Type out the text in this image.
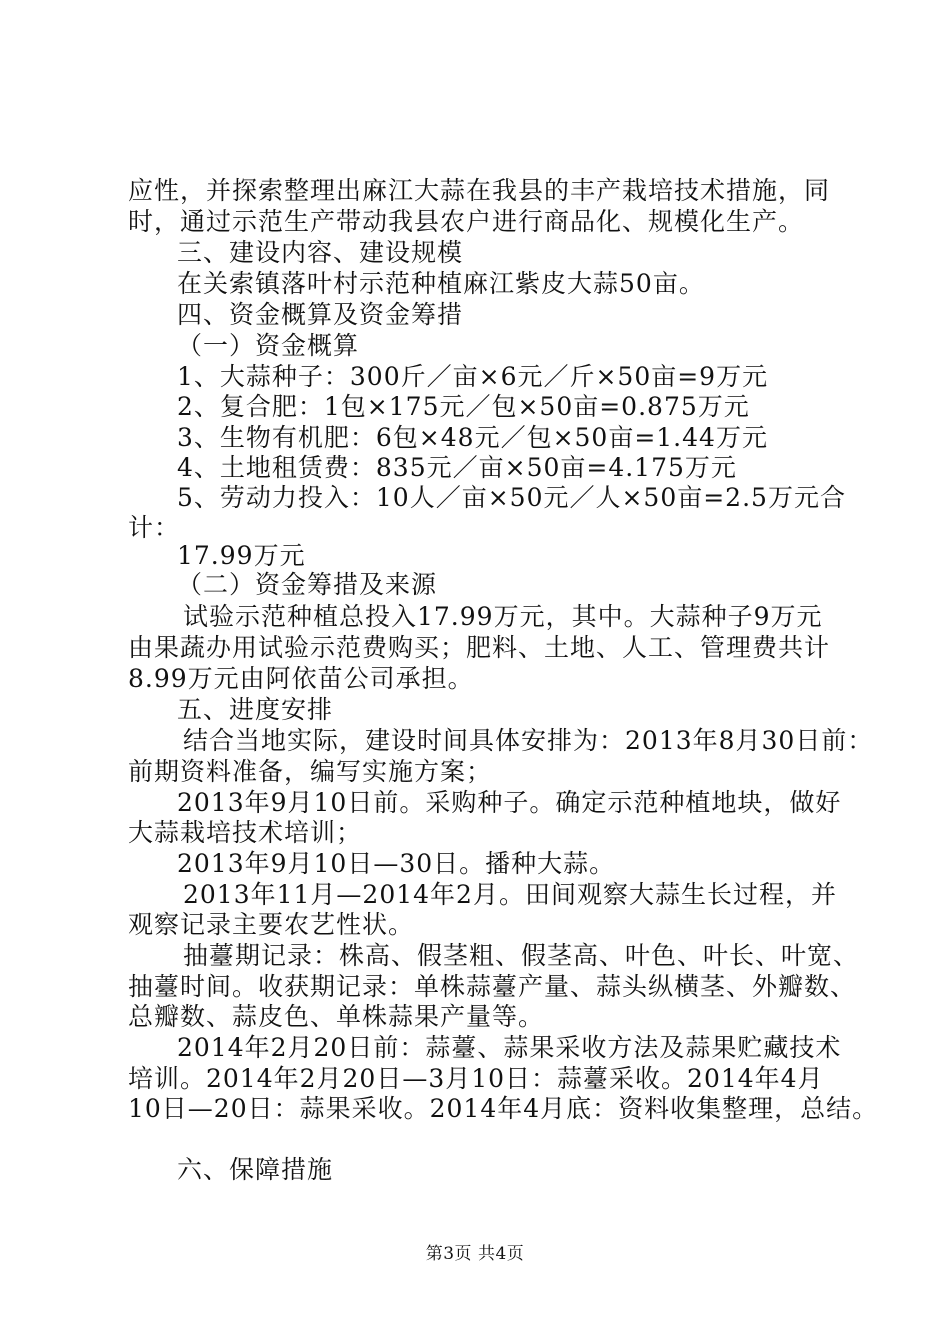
应性，并探索整理出麻江大蒜在我县的丰产栽培技术措施，同
时，通过示范生产带动我县农户进行商品化、规模化生产。
三、建设内容、建设规模
在关索镇落叶村示范种植麻江紫皮大蒜50亩。
四、资金概算及资金筹措
（一）资金概算
1、大蒜种子：300斤／亩×6元／斤×50亩=9万元
2、复合肥：1包×175元／包×50亩=0.875万元
3、生物有机肥：6包×48元／包×50亩=1.44万元
4、土地租赁费：835元／亩×50亩=4.175万元
5、劳动力投入：10人／亩×50元／人×50亩=2.5万元合
计：
17.99万元
（二）资金筹措及来源
试验示范种植总投入17.99万元，其中。大蒜种子9万元
由果蔬办用试验示范费购买；肥料、土地、人工、管理费共计
8.99万元由阿依苗公司承担。
五、进度安排
结合当地实际，建设时间具体安排为：2013年8月30日前：
前期资料准备，编写实施方案；
2013年9月10日前。采购种子。确定示范种植地块，做好
大蒜栽培技术培训；
2013年9月10日—30日。播种大蒜。
2013年11月—2014年2月。田间观察大蒜生长过程，并
观察记录主要农艺性状。
抽薹期记录：株高、假茎粗、假茎高、叶色、叶长、叶宽、
抽薹时间。收获期记录：单株蒜薹产量、蒜头纵横茎、外瓣数、
总瓣数、蒜皮色、单株蒜果产量等。
2014年2月20日前：蒜薹、蒜果采收方法及蒜果贮藏技术
培训。2014年2月20日—3月10日：蒜薹采收。2014年4月
10日—20日：蒜果采收。2014年4月底：资料收集整理，总结。
六、保障措施
第3页 共4页
